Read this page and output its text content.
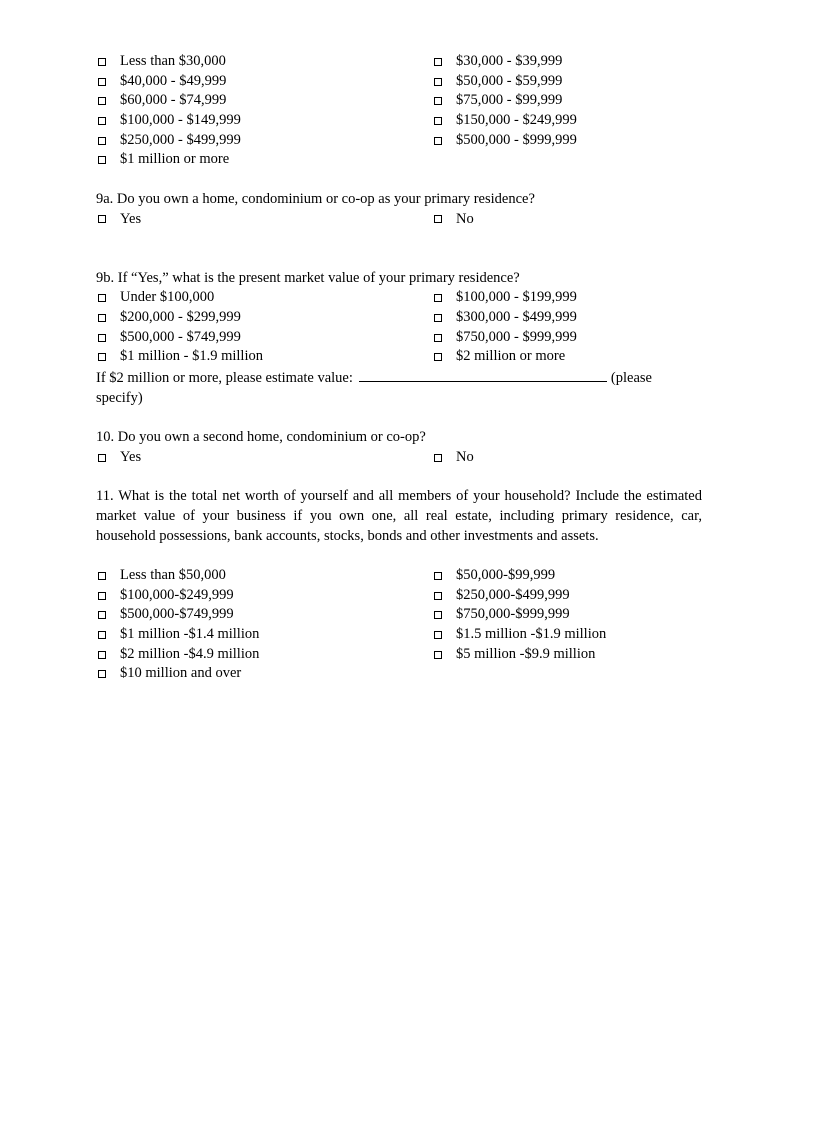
Less than $30,000	$30,000 - $39,999
$40,000 - $49,999	$50,000 - $59,999
$60,000 - $74,999	$75,000 - $99,999
$100,000 - $149,999	$150,000 - $249,999
$250,000 - $499,999	$500,000 - $999,999
$1 million or more
9a. Do you own a home, condominium or co-op as your primary residence?
Yes	No
9b. If “Yes,” what is the present market value of your primary residence?
Under $100,000	$100,000 - $199,999
$200,000 - $299,999	$300,000 - $499,999
$500,000 - $749,999	$750,000 - $999,999
$1 million - $1.9 million	$2 million or more
If $2 million or more, please estimate value:	(please
specify)
10. Do you own a second home, condominium or co-op?
Yes	No
11. What is the total net worth of yourself and all members of your household? Include the estimated market value of your business if you own one, all real estate, including primary residence, car, household possessions, bank accounts, stocks, bonds and other investments and assets.
Less than $50,000	$50,000-$99,999
$100,000-$249,999	$250,000-$499,999
$500,000-$749,999	$750,000-$999,999
$1 million -$1.4 million	$1.5 million -$1.9 million
$2 million -$4.9 million	$5 million -$9.9 million
$10 million and over
